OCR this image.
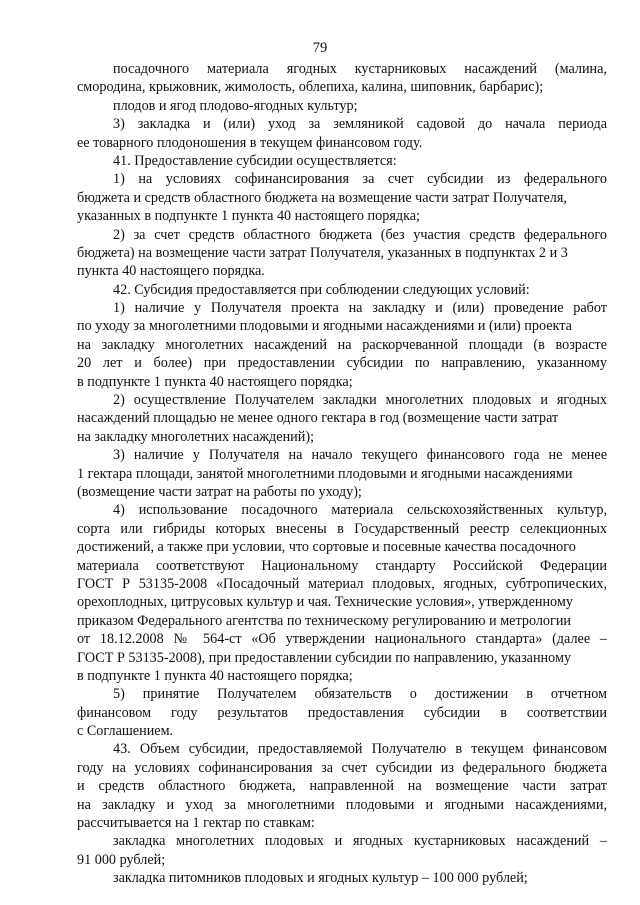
79
посадочного материала ягодных кустарниковых насаждений (малина,
смородина, крыжовник, жимолость, облепиха, калина, шиповник, барбарис);
плодов и ягод плодово-ягодных культур;
3) закладка и (или) уход за земляникой садовой до начала периода
ее товарного плодоношения в текущем финансовом году.
41. Предоставление субсидии осуществляется:
1) на условиях софинансирования за счет субсидии из федерального
бюджета и средств областного бюджета на возмещение части затрат Получателя,
указанных в подпункте 1 пункта 40 настоящего порядка;
2) за счет средств областного бюджета (без участия средств федерального
бюджета) на возмещение части затрат Получателя, указанных в подпунктах 2 и 3
пункта 40 настоящего порядка.
42. Субсидия предоставляется при соблюдении следующих условий:
1) наличие у Получателя проекта на закладку и (или) проведение работ
по уходу за многолетними плодовыми и ягодными насаждениями и (или) проекта
на закладку многолетних насаждений на раскорчеванной площади (в возрасте
20 лет и более) при предоставлении субсидии по направлению, указанному
в подпункте 1 пункта 40 настоящего порядка;
2) осуществление Получателем закладки многолетних плодовых и ягодных
насаждений площадью не менее одного гектара в год (возмещение части затрат
на закладку многолетних насаждений);
3) наличие у Получателя на начало текущего финансового года не менее
1 гектара площади, занятой многолетними плодовыми и ягодными насаждениями
(возмещение части затрат на работы по уходу);
4) использование посадочного материала сельскохозяйственных культур,
сорта или гибриды которых внесены в Государственный реестр селекционных
достижений, а также при условии, что сортовые и посевные качества посадочного
материала соответствуют Национальному стандарту Российской Федерации
ГОСТ Р 53135-2008 «Посадочный материал плодовых, ягодных, субтропических,
орехоплодных, цитрусовых культур и чая. Технические условия», утвержденному
приказом Федерального агентства по техническому регулированию и метрологии
от 18.12.2008 № 564-ст «Об утверждении национального стандарта» (далее –
ГОСТ Р 53135-2008), при предоставлении субсидии по направлению, указанному
в подпункте 1 пункта 40 настоящего порядка;
5) принятие Получателем обязательств о достижении в отчетном
финансовом году результатов предоставления субсидии в соответствии
с Соглашением.
43. Объем субсидии, предоставляемой Получателю в текущем финансовом
году на условиях софинансирования за счет субсидии из федерального бюджета
и средств областного бюджета, направленной на возмещение части затрат
на закладку и уход за многолетними плодовыми и ягодными насаждениями,
рассчитывается на 1 гектар по ставкам:
закладка многолетних плодовых и ягодных кустарниковых насаждений –
91 000 рублей;
закладка питомников плодовых и ягодных культур – 100 000 рублей;
